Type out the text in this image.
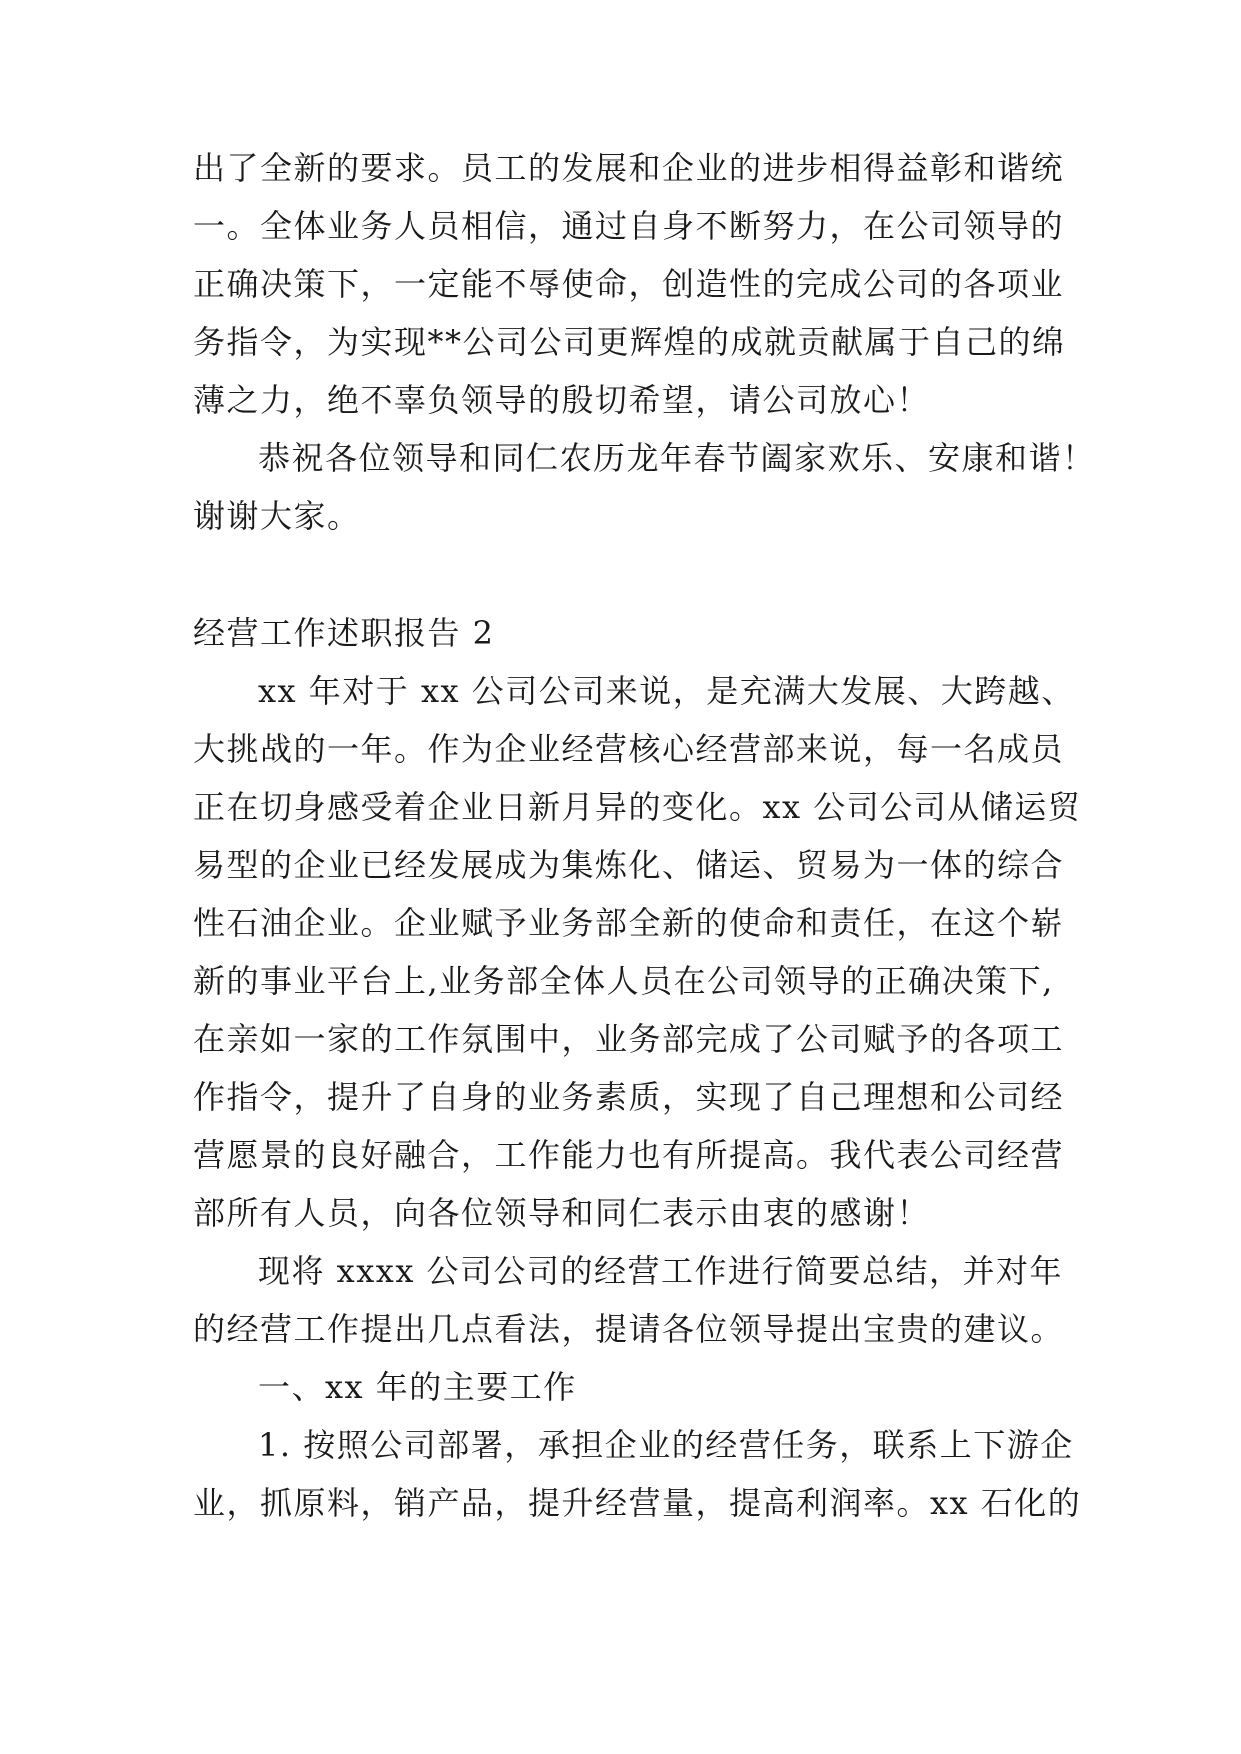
出了全新的要求。员工的发展和企业的进步相得益彰和谐统
一。全体业务人员相信，通过自身不断努力，在公司领导的
正确决策下，一定能不辱使命，创造性的完成公司的各项业
务指令，为实现**公司公司更辉煌的成就贡献属于自己的绵
薄之力，绝不辜负领导的殷切希望，请公司放心！
恭祝各位领导和同仁农历龙年春节阖家欢乐、安康和谐！
谢谢大家。
经营工作述职报告 2
xx 年对于 xx 公司公司来说，是充满大发展、大跨越、
大挑战的一年。作为企业经营核心经营部来说，每一名成员
正在切身感受着企业日新月异的变化。xx 公司公司从储运贸
易型的企业已经发展成为集炼化、储运、贸易为一体的综合
性石油企业。企业赋予业务部全新的使命和责任，在这个崭
新的事业平台上,业务部全体人员在公司领导的正确决策下,
在亲如一家的工作氛围中，业务部完成了公司赋予的各项工
作指令，提升了自身的业务素质，实现了自己理想和公司经
营愿景的良好融合，工作能力也有所提高。我代表公司经营
部所有人员，向各位领导和同仁表示由衷的感谢！
现将 xxxx 公司公司的经营工作进行简要总结，并对年
的经营工作提出几点看法，提请各位领导提出宝贵的建议。
一、xx 年的主要工作
1. 按照公司部署，承担企业的经营任务，联系上下游企
业，抓原料，销产品，提升经营量，提高利润率。xx 石化的
